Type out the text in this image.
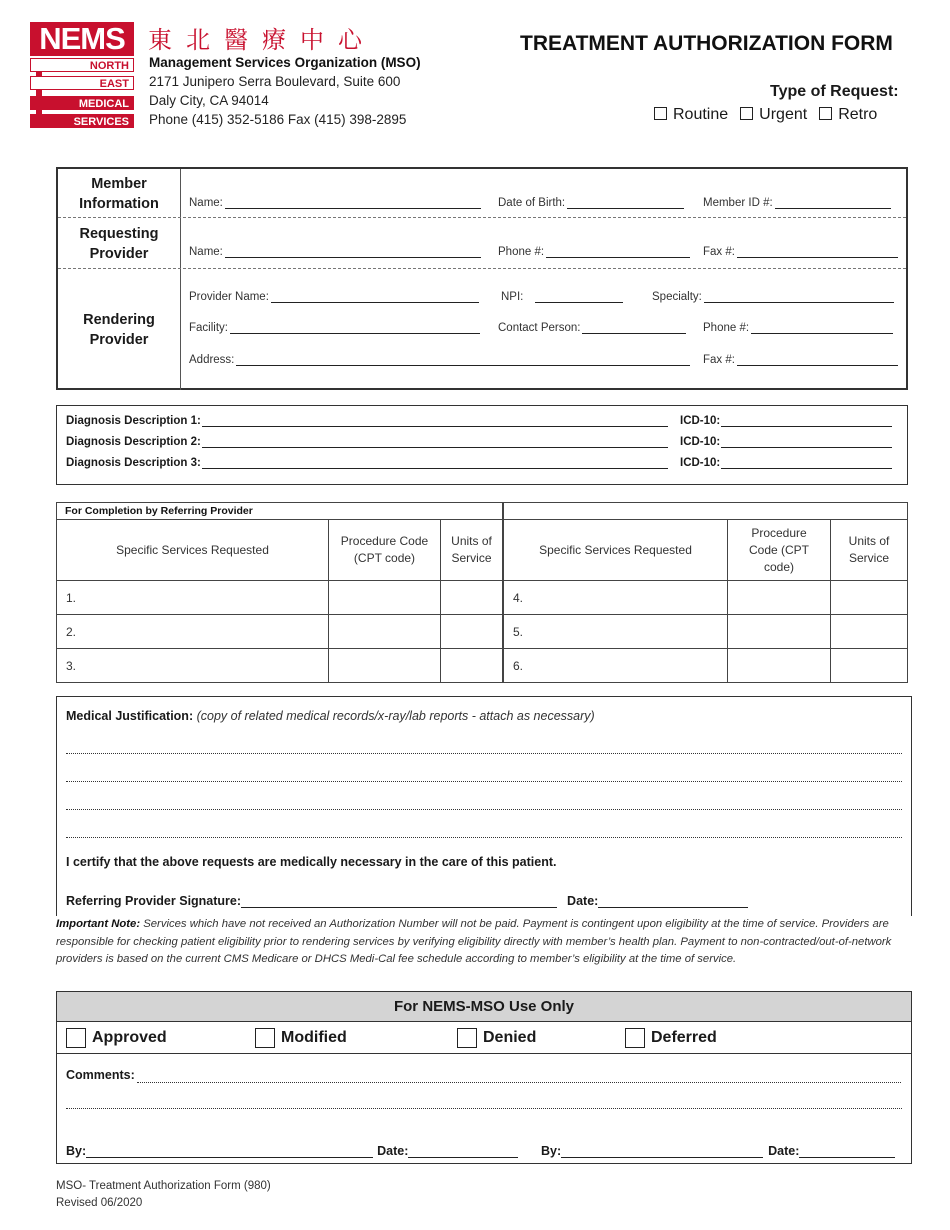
NEMS
NORTH
EAST
MEDICAL
SERVICES
東北醫療中心
Management Services Organization (MSO)
2171 Junipero Serra Boulevard, Suite 600
Daly City, CA 94014
Phone (415) 352-5186 Fax (415) 398-2895
TREATMENT AUTHORIZATION FORM
Type of Request:
Routine	Urgent	Retro
Member
Information	Name:	Date of Birth:	Member ID #:
Requesting
Provider	Name:	Phone #:	Fax #:
Rendering
Provider
Provider Name:	NPI:	Specialty:
Facility:	Contact Person:	Phone #:
Address:	Fax #:
Diagnosis Description 1:	ICD-10:
Diagnosis Description 2:	ICD-10:
Diagnosis Description 3:	ICD-10:
For Completion by Referring Provider					
Specific Services Requested	Procedure Code (CPT code)	Units of Service		Specific Services Requested	Procedure Code (CPT code)	Units of Service
1.				4.		
2.				5.		
3.				6.		
Medical Justification: (copy of related medical records/x-ray/lab reports - attach as necessary)
I certify that the above requests are medically necessary in the care of this patient.
Referring Provider Signature:	Date:
Important Note: Services which have not received an Authorization Number will not be paid. Payment is contingent upon eligibility at the time of service. Providers are responsible for checking patient eligibility prior to rendering services by verifying eligibility directly with member’s health plan. Payment to non-contracted/out-of-network providers is based on the current CMS Medicare or DHCS Medi-Cal fee schedule according to member’s eligibility at the time of service.
For NEMS-MSO Use Only
Approved	Modified	Denied	Deferred
Comments:
By:	Date:	By:	Date:
MSO- Treatment Authorization Form (980)
Revised 06/2020
